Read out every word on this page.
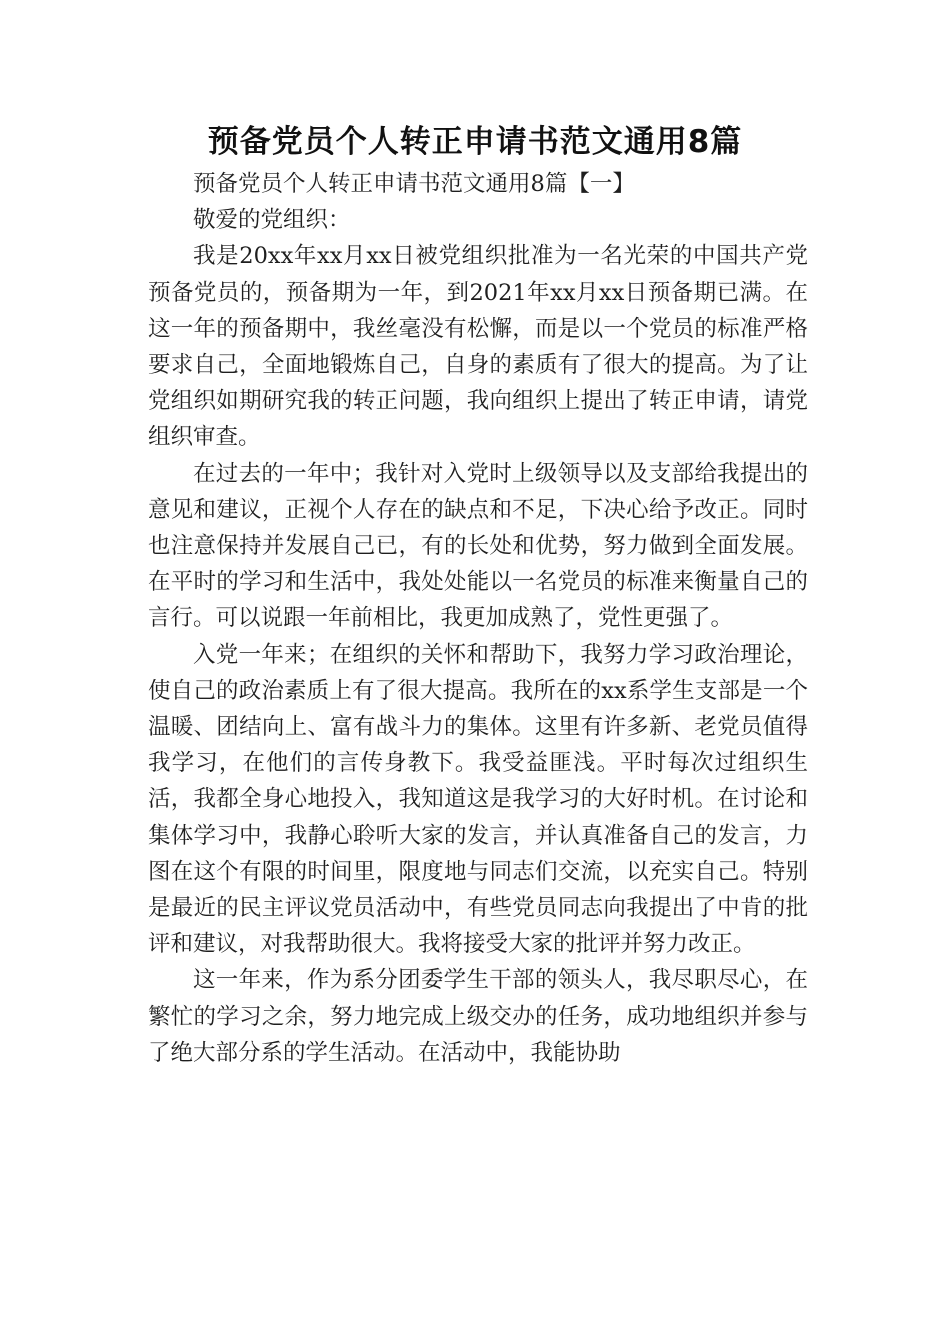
预备党员个人转正申请书范文通用8篇

预备党员个人转正申请书范文通用8篇【一】

敬爱的党组织：

我是20xx年xx月xx日被党组织批准为一名光荣的中国共产党预备党员的，预备期为一年，到2021年xx月xx日预备期已满。在这一年的预备期中，我丝毫没有松懈，而是以一个党员的标准严格要求自己，全面地锻炼自己，自身的素质有了很大的提高。为了让党组织如期研究我的转正问题，我向组织上提出了转正申请，请党组织审查。

在过去的一年中；我针对入党时上级领导以及支部给我提出的意见和建议，正视个人存在的缺点和不足，下决心给予改正。同时也注意保持并发展自己已，有的长处和优势，努力做到全面发展。在平时的学习和生活中，我处处能以一名党员的标准来衡量自己的言行。可以说跟一年前相比，我更加成熟了，党性更强了。

入党一年来；在组织的关怀和帮助下，我努力学习政治理论，使自己的政治素质上有了很大提高。我所在的xx系学生支部是一个温暖、团结向上、富有战斗力的集体。这里有许多新、老党员值得我学习，在他们的言传身教下。我受益匪浅。平时每次过组织生活，我都全身心地投入，我知道这是我学习的大好时机。在讨论和集体学习中，我静心聆听大家的发言，并认真准备自己的发言，力图在这个有限的时间里，限度地与同志们交流，以充实自己。特别是最近的民主评议党员活动中，有些党员同志向我提出了中肯的批评和建议，对我帮助很大。我将接受大家的批评并努力改正。

这一年来，作为系分团委学生干部的领头人，我尽职尽心，在繁忙的学习之余，努力地完成上级交办的任务，成功地组织并参与了绝大部分系的学生活动。在活动中，我能协助
